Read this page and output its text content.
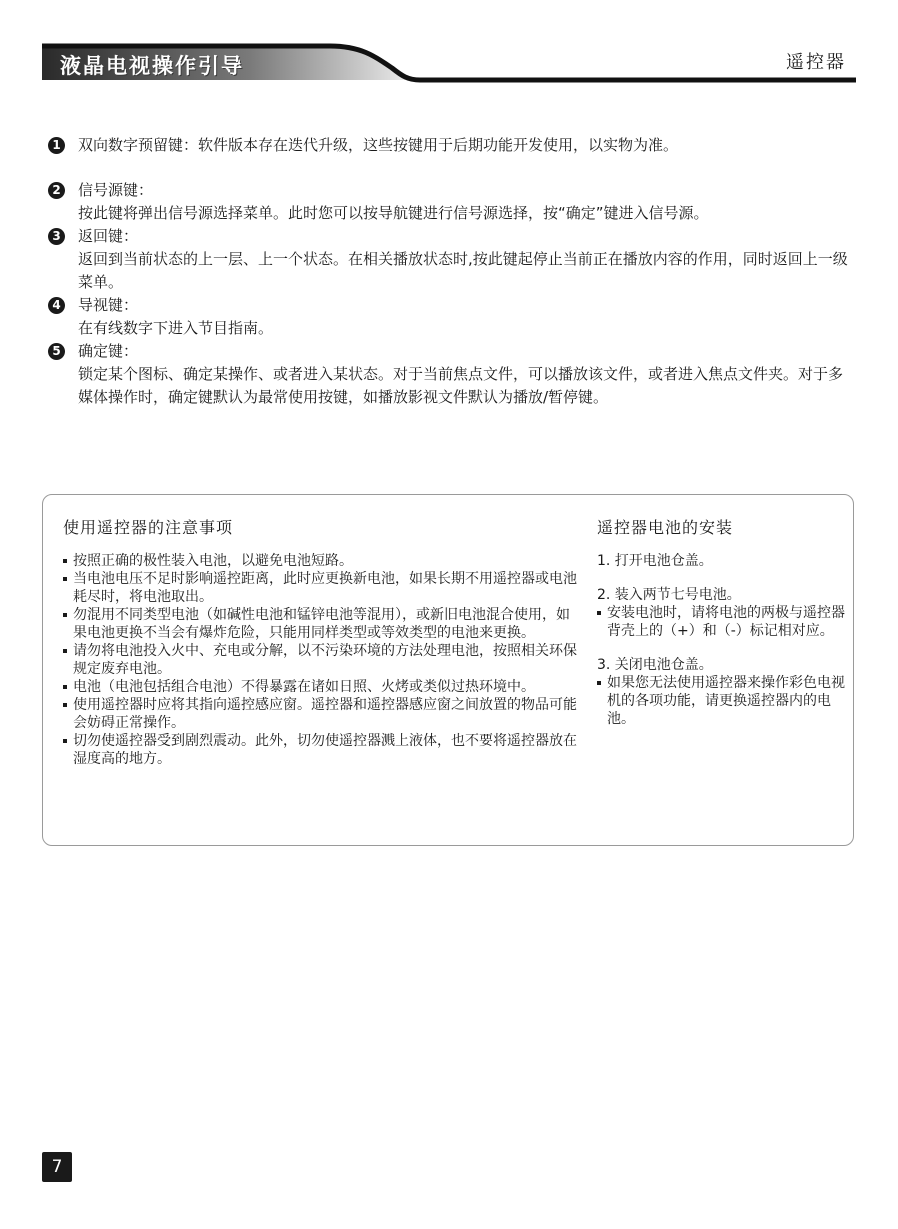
液晶电视操作引导	遥控器
1 双向数字预留键：软件版本存在迭代升级，这些按键用于后期功能开发使用，以实物为准。
2 信号源键：
按此键将弹出信号源选择菜单。此时您可以按导航键进行信号源选择，按“确定”键进入信号源。
3 返回键：
返回到当前状态的上一层、上一个状态。在相关播放状态时,按此键起停止当前正在播放内容的作用，同时返回上一级菜单。
4 导视键：
在有线数字下进入节目指南。
5 确定键：
锁定某个图标、确定某操作、或者进入某状态。对于当前焦点文件，可以播放该文件，或者进入焦点文件夹。对于多媒体操作时，确定键默认为最常使用按键，如播放影视文件默认为播放/暂停键。
使用遥控器的注意事项
按照正确的极性装入电池，以避免电池短路。
当电池电压不足时影响遥控距离，此时应更换新电池，如果长期不用遥控器或电池耗尽时，将电池取出。
勿混用不同类型电池（如碱性电池和锰锌电池等混用），或新旧电池混合使用，如果电池更换不当会有爆炸危险，只能用同样类型或等效类型的电池来更换。
请勿将电池投入火中、充电或分解，以不污染环境的方法处理电池，按照相关环保规定废弃电池。
电池（电池包括组合电池）不得暴露在诸如日照、火烤或类似过热环境中。
使用遥控器时应将其指向遥控感应窗。遥控器和遥控器感应窗之间放置的物品可能会妨碍正常操作。
切勿使遥控器受到剧烈震动。此外，切勿使遥控器溅上液体，也不要将遥控器放在湿度高的地方。
遥控器电池的安装
1. 打开电池仓盖。
2. 装入两节七号电池。
安装电池时，请将电池的两极与遥控器背壳上的（+）和（-）标记相对应。
3. 关闭电池仓盖。
如果您无法使用遥控器来操作彩色电视机的各项功能，请更换遥控器内的电池。
7
